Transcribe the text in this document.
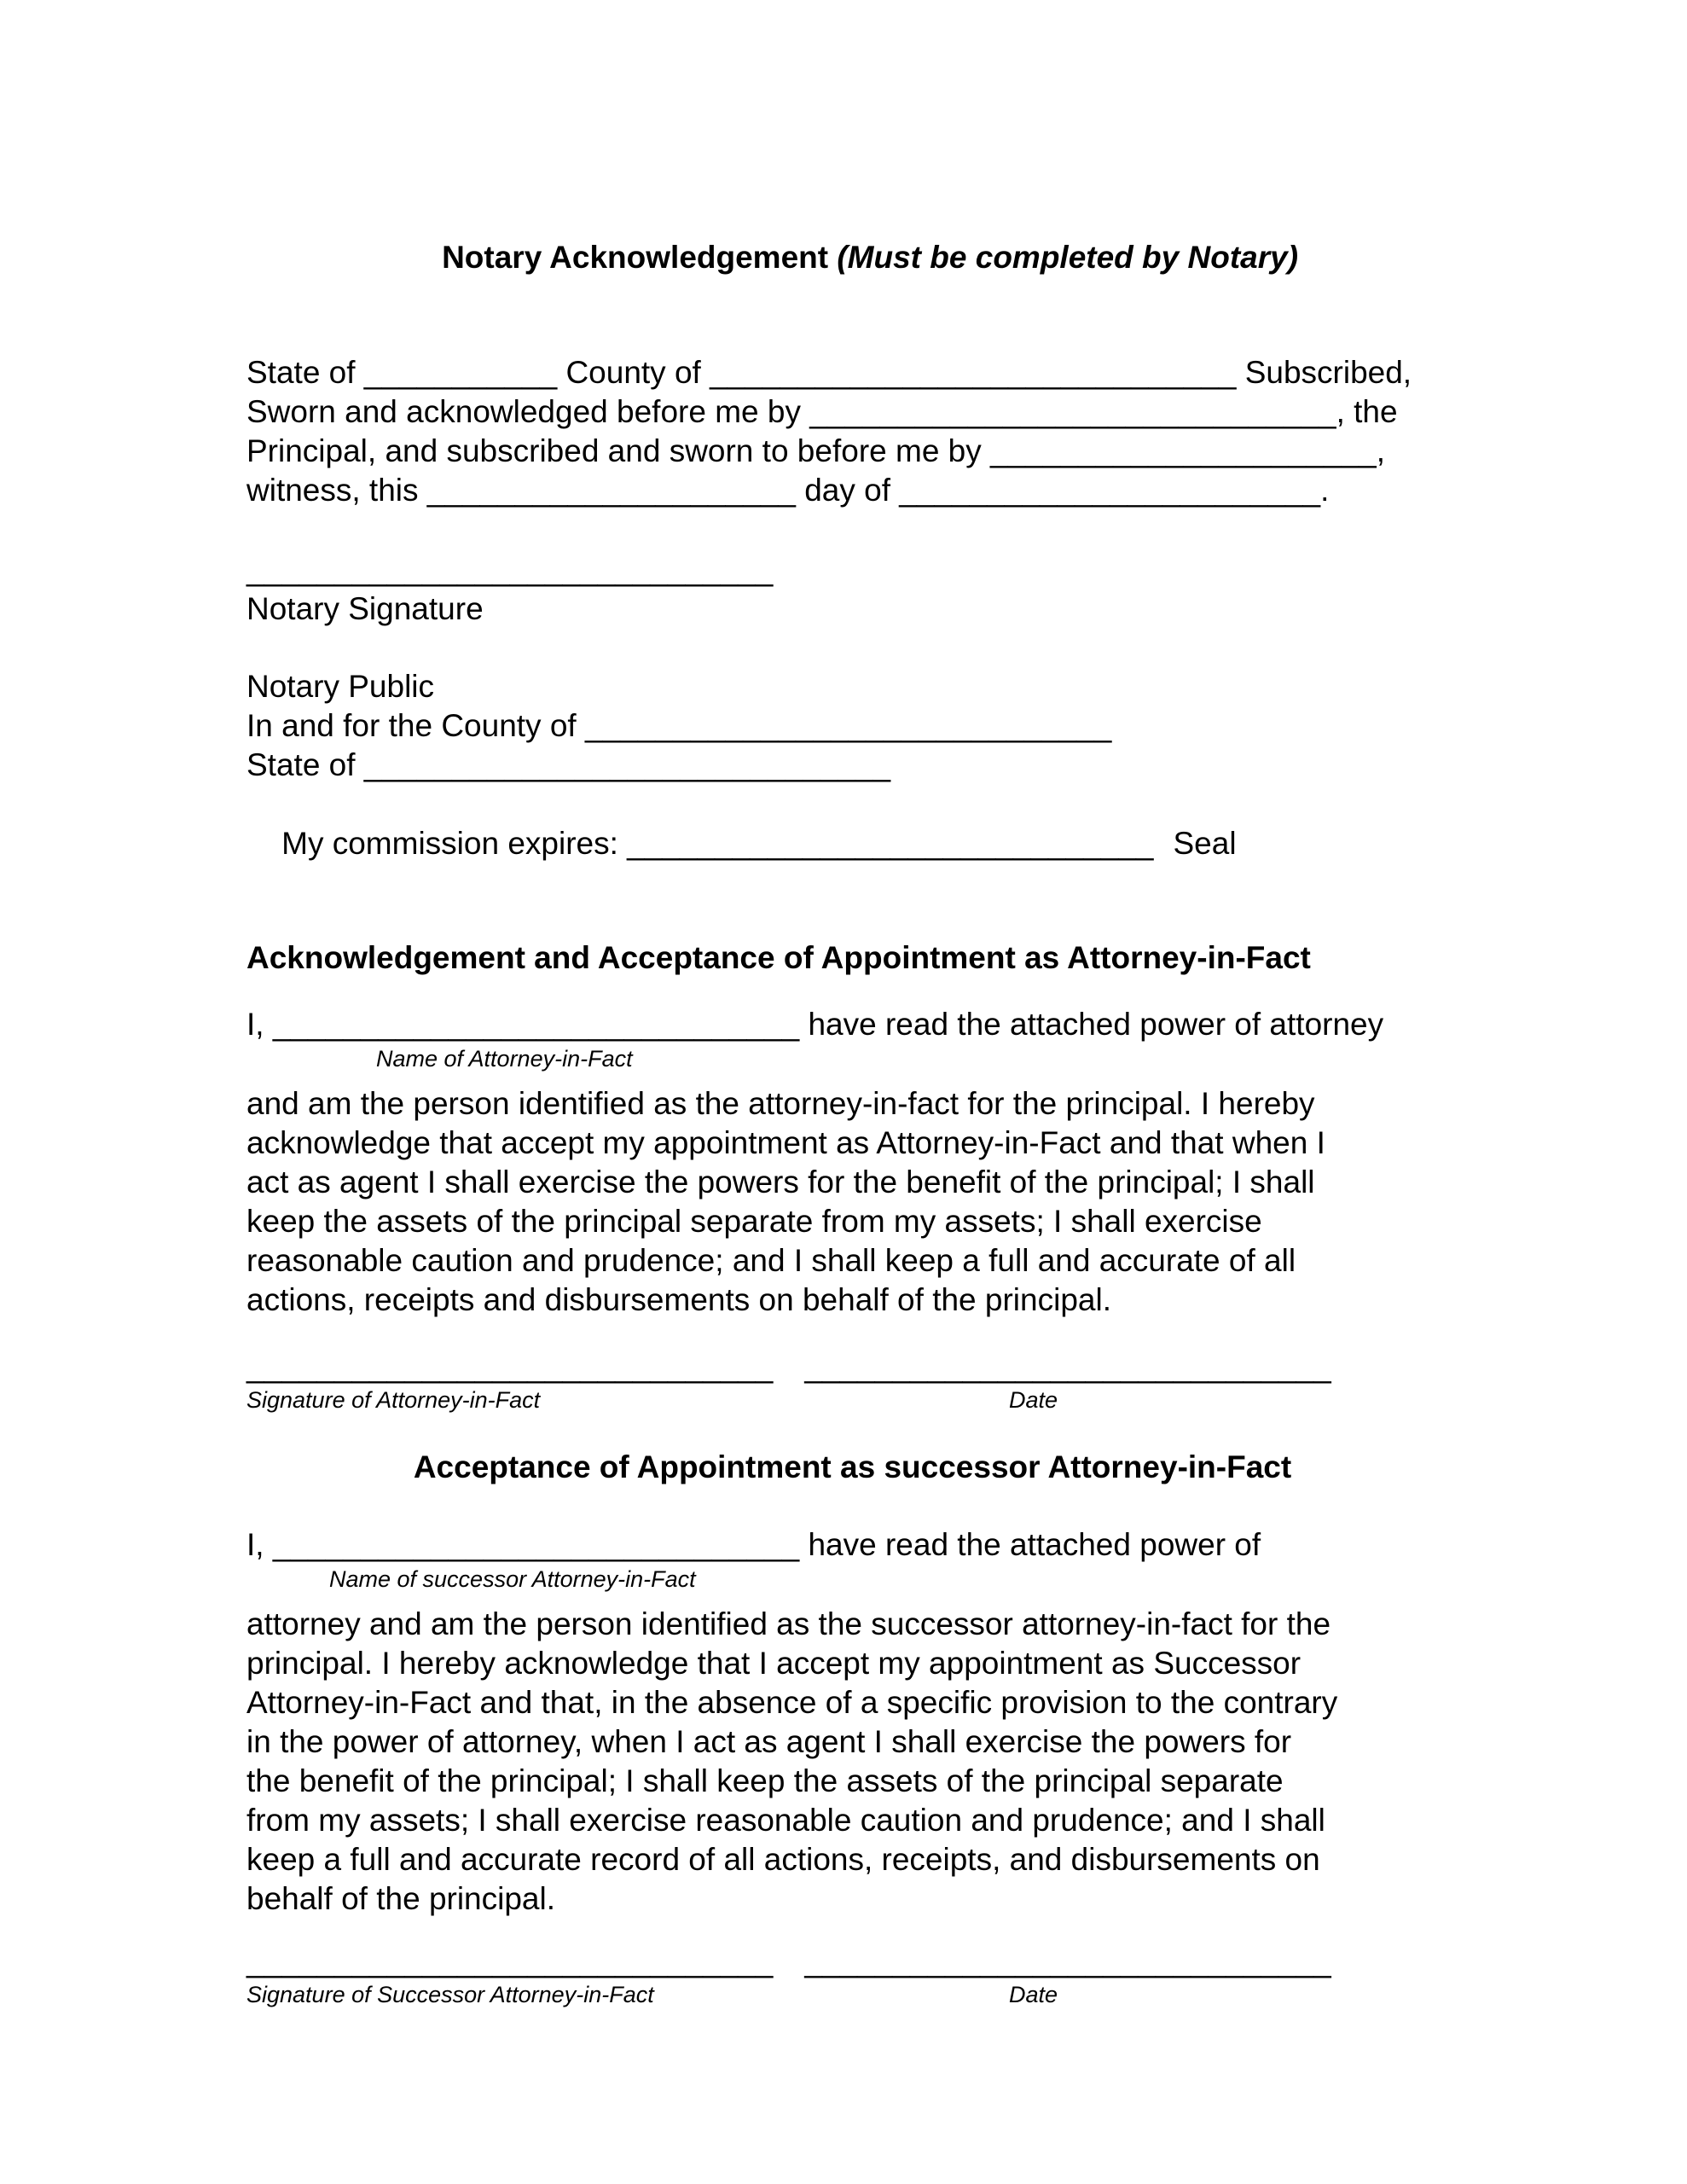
Notary Acknowledgement (Must be completed by Notary)

State of ___________ County of ______________________________ Subscribed,
Sworn and acknowledged before me by ______________________________, the
Principal, and subscribed and sworn to before me by ______________________,
witness, this _____________________ day of ________________________.
______________________________
Notary Signature
Notary Public
In and for the County of ______________________________
State of ______________________________

My commission expires: ______________________________ Seal

Acknowledgement and Acceptance of Appointment as Attorney-in-Fact
I, ______________________________ have read the attached power of attorney
Name of Attorney-in-Fact
and am the person identified as the attorney-in-fact for the principal. I hereby
acknowledge that accept my appointment as Attorney-in-Fact and that when I
act as agent I shall exercise the powers for the benefit of the principal; I shall
keep the assets of the principal separate from my assets; I shall exercise
reasonable caution and prudence; and I shall keep a full and accurate of all
actions, receipts and disbursements on behalf of the principal.
______________________________ ______________________________
Signature of Attorney-in-Fact	Date
Acceptance of Appointment as successor Attorney-in-Fact
I, ______________________________ have read the attached power of
Name of successor Attorney-in-Fact
attorney and am the person identified as the successor attorney-in-fact for the
principal. I hereby acknowledge that I accept my appointment as Successor
Attorney-in-Fact and that, in the absence of a specific provision to the contrary
in the power of attorney, when I act as agent I shall exercise the powers for
the benefit of the principal; I shall keep the assets of the principal separate
from my assets; I shall exercise reasonable caution and prudence; and I shall
keep a full and accurate record of all actions, receipts, and disbursements on
behalf of the principal.
______________________________ ______________________________
Signature of Successor Attorney-in-Fact	Date
